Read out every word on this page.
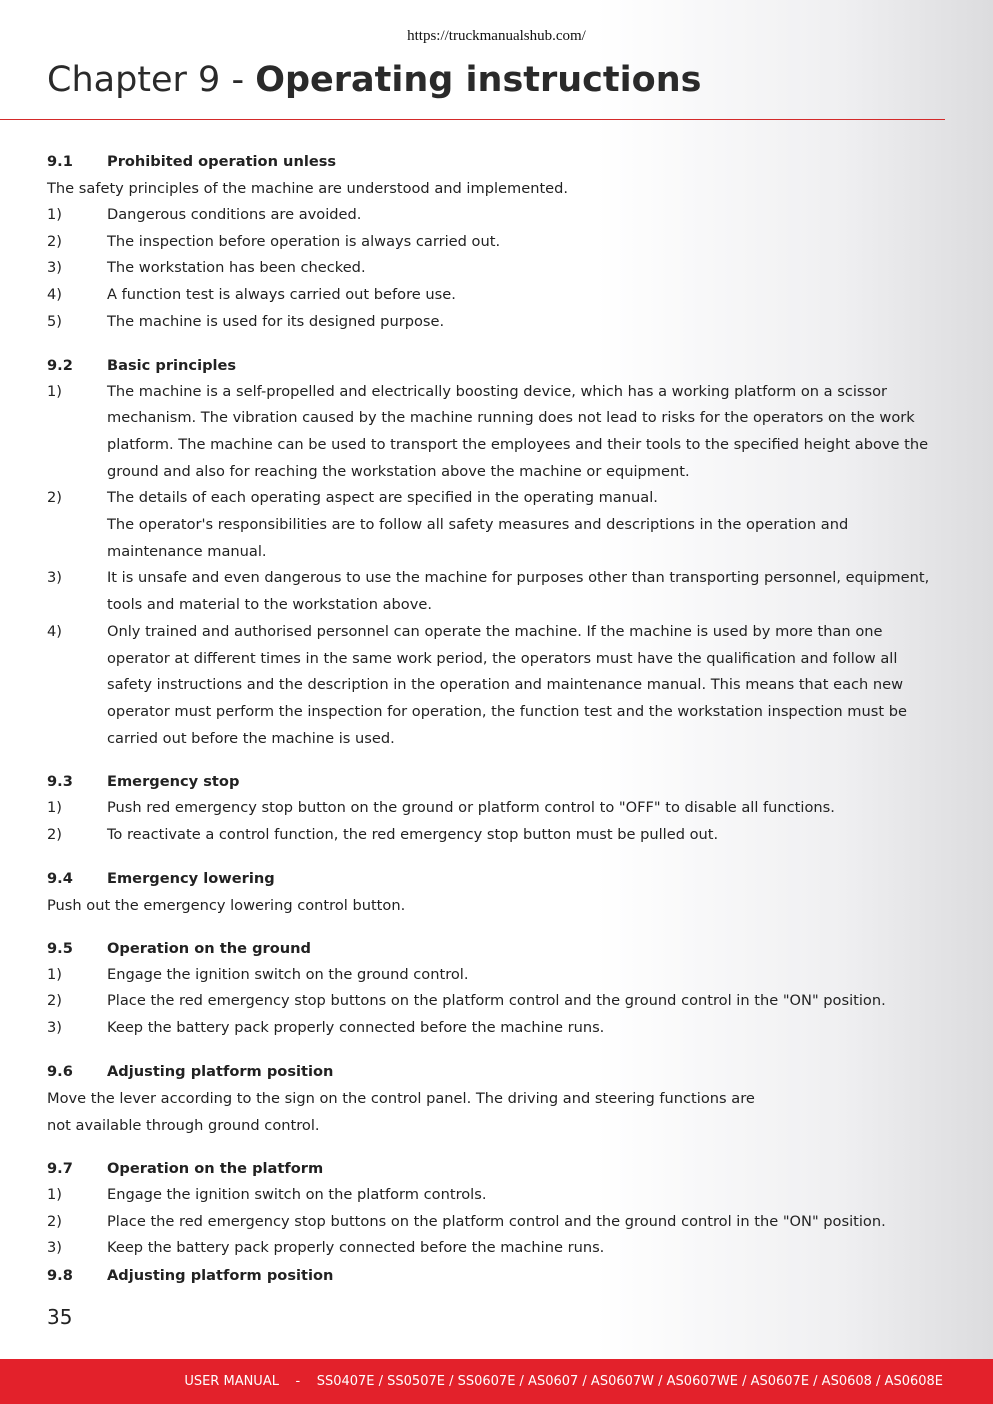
https://truckmanualshub.com/
Chapter 9 - Operating instructions
9.1	Prohibited operation unless
The safety principles of the machine are understood and implemented.
1)	Dangerous conditions are avoided.
2)	The inspection before operation is always carried out.
3)	The workstation has been checked.
4)	A function test is always carried out before use.
5)	The machine is used for its designed purpose.
9.2	Basic principles
1)	The machine is a self-propelled and electrically boosting device, which has a working platform on a scissor mechanism. The vibration caused by the machine running does not lead to risks for the operators on the work platform. The machine can be used to transport the employees and their tools to the specified height above the ground and also for reaching the workstation above the machine or equipment.
2)	The details of each operating aspect are specified in the operating manual.
The operator's responsibilities are to follow all safety measures and descriptions in the operation and maintenance manual.
3)	It is unsafe and even dangerous to use the machine for purposes other than transporting personnel, equipment, tools and material to the workstation above.
4)	Only trained and authorised personnel can operate the machine. If the machine is used by more than one operator at different times in the same work period, the operators must have the qualification and follow all safety instructions and the description in the operation and maintenance manual. This means that each new operator must perform the inspection for operation, the function test and the workstation inspection must be carried out before the machine is used.
9.3	Emergency stop
1)	Push red emergency stop button on the ground or platform control to "OFF" to disable all functions.
2)	To reactivate a control function, the red emergency stop button must be pulled out.
9.4	Emergency lowering
Push out the emergency lowering control button.
9.5	Operation on the ground
1)	Engage the ignition switch on the ground control.
2)	Place the red emergency stop buttons on the platform control and the ground control in the "ON" position.
3)	Keep the battery pack properly connected before the machine runs.
9.6	Adjusting platform position
Move the lever according to the sign on the control panel. The driving and steering functions are
not available through ground control.
9.7	Operation on the platform
1)	Engage the ignition switch on the platform controls.
2)	Place the red emergency stop buttons on the platform control and the ground control in the "ON" position.
3)	Keep the battery pack properly connected before the machine runs.
9.8	Adjusting platform position
35
USER MANUAL    -    SS0407E / SS0507E / SS0607E / AS0607 / AS0607W / AS0607WE / AS0607E / AS0608 / AS0608E
